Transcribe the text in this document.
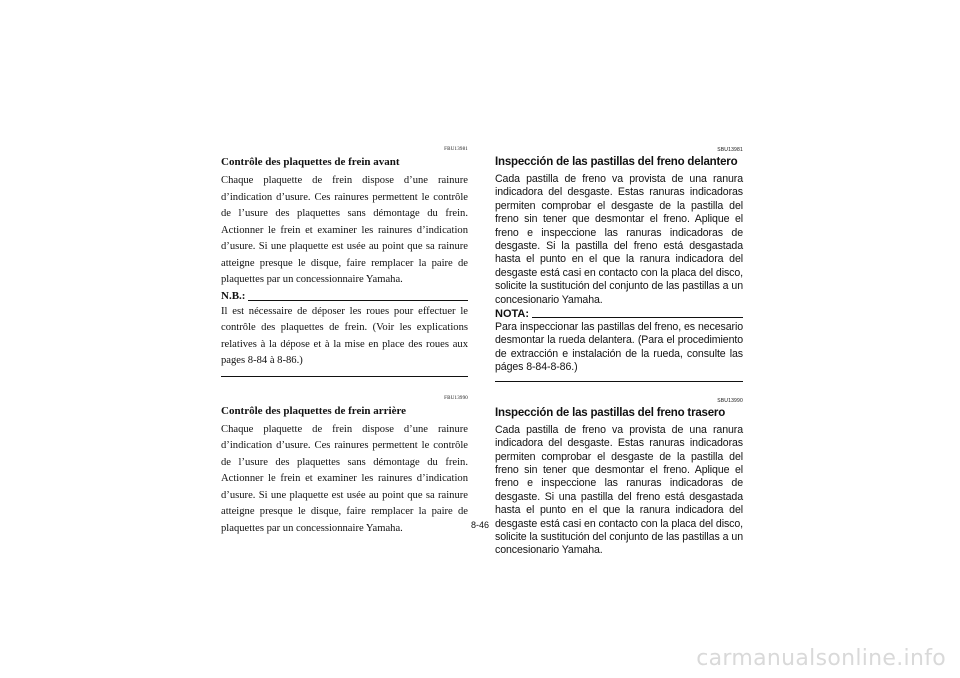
FBU13981
Contrôle des plaquettes de frein avant

Chaque plaquette de frein dispose d’une rainure d’indication d’usure. Ces rainures permettent le contrôle de l’usure des plaquettes sans démontage du frein. Actionner le frein et examiner les rainures d’indication d’usure. Si une plaquette est usée au point que sa rainure atteigne presque le disque, faire remplacer la paire de plaquettes par un concessionnaire Yamaha.

N.B.:

Il est nécessaire de déposer les roues pour effectuer le contrôle des plaquettes de frein. (Voir les explications relatives à la dépose et à la mise en place des roues aux pages 8-84 à 8-86.)

FBU13990
Contrôle des plaquettes de frein arrière

Chaque plaquette de frein dispose d’une rainure d’indication d’usure. Ces rainures permettent le contrôle de l’usure des plaquettes sans démontage du frein. Actionner le frein et examiner les rainures d’indication d’usure. Si une plaquette est usée au point que sa rainure atteigne presque le disque, faire remplacer la paire de plaquettes par un concessionnaire Yamaha.

SBU13981
Inspección de las pastillas del freno delantero

Cada pastilla de freno va provista de una ranura indicadora del desgaste. Estas ranuras indicadoras permiten comprobar el desgaste de la pastilla del freno sin tener que desmontar el freno. Aplique el freno e inspeccione las ranuras indicadoras de desgaste. Si la pastilla del freno está desgastada hasta el punto en el que la ranura indicadora del desgaste está casi en contacto con la placa del disco, solicite la sustitución del conjunto de las pastillas a un concesionario Yamaha.

NOTA:

Para inspeccionar las pastillas del freno, es necesario desmontar la rueda delantera. (Para el procedimiento de extracción e instalación de la rueda, consulte las páges 8-84-8-86.)

SBU13990
Inspección de las pastillas del freno trasero

Cada pastilla de freno va provista de una ranura indicadora del desgaste. Estas ranuras indicadoras permiten comprobar el desgaste de la pastilla del freno sin tener que desmontar el freno. Aplique el freno e inspeccione las ranuras indicadoras de desgaste. Si una pastilla del freno está desgastada hasta el punto en el que la ranura indicadora del desgaste está casi en contacto con la placa del disco, solicite la sustitución del conjunto de las pastillas a un concesionario Yamaha.

8-46
carmanualsonline.info
